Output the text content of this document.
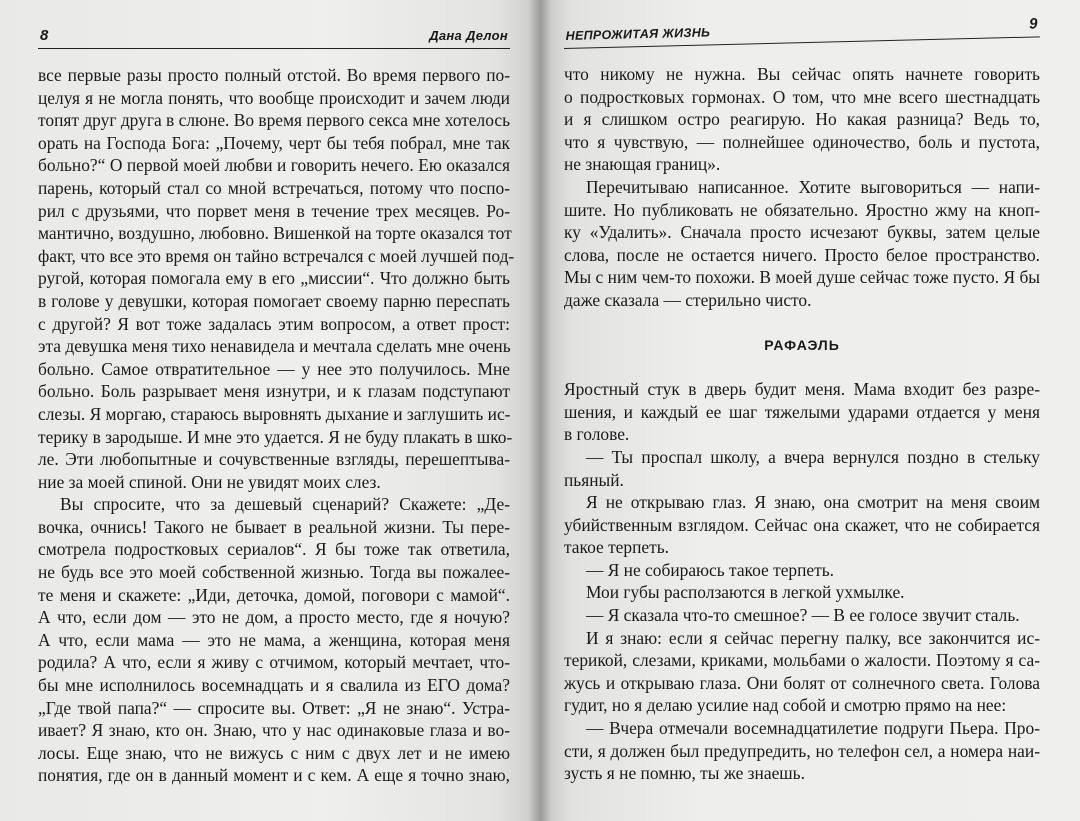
8	Дана Делон
все первые разы просто полный отстой. Во время первого по-
целуя я не могла понять, что вообще происходит и зачем люди
топят друг друга в слюне. Во время первого секса мне хотелось
орать на Господа Бога: „Почему, черт бы тебя побрал, мне так
больно?“ О первой моей любви и говорить нечего. Ею оказался
парень, который стал со мной встречаться, потому что поспо-
рил с друзьями, что порвет меня в течение трех месяцев. Ро-
мантично, воздушно, любовно. Вишенкой на торте оказался тот
факт, что все это время он тайно встречался с моей лучшей под-
ругой, которая помогала ему в его „миссии“. Что должно быть
в голове у девушки, которая помогает своему парню переспать
с другой? Я вот тоже задалась этим вопросом, а ответ прост:
эта девушка меня тихо ненавидела и мечтала сделать мне очень
больно. Самое отвратительное — у нее это получилось. Мне
больно. Боль разрывает меня изнутри, и к глазам подступают
слезы. Я моргаю, стараюсь выровнять дыхание и заглушить ис-
терику в зародыше. И мне это удается. Я не буду плакать в шко-
ле. Эти любопытные и сочувственные взгляды, перешептыва-
ние за моей спиной. Они не увидят моих слез.
Вы спросите, что за дешевый сценарий? Скажете: „Де-
вочка, очнись! Такого не бывает в реальной жизни. Ты пере-
смотрела подростковых сериалов“. Я бы тоже так ответила,
не будь все это моей собственной жизнью. Тогда вы пожалее-
те меня и скажете: „Иди, деточка, домой, поговори с мамой“.
А что, если дом — это не дом, а просто место, где я ночую?
А что, если мама — это не мама, а женщина, которая меня
родила? А что, если я живу с отчимом, который мечтает, что-
бы мне исполнилось восемнадцать и я свалила из ЕГО дома?
„Где твой папа?“ — спросите вы. Ответ: „Я не знаю“. Устра-
ивает? Я знаю, кто он. Знаю, что у нас одинаковые глаза и во-
лосы. Еще знаю, что не вижусь с ним с двух лет и не имею
понятия, где он в данный момент и с кем. А еще я точно знаю,
НЕПРОЖИТАЯ ЖИЗНЬ
9
что никому не нужна. Вы сейчас опять начнете говорить
о подростковых гормонах. О том, что мне всего шестнадцать
и я слишком остро реагирую. Но какая разница? Ведь то,
что я чувствую, — полнейшее одиночество, боль и пустота,
не знающая границ».
Перечитываю написанное. Хотите выговориться — напи-
шите. Но публиковать не обязательно. Яростно жму на кноп-
ку «Удалить». Сначала просто исчезают буквы, затем целые
слова, после не остается ничего. Просто белое пространство.
Мы с ним чем-то похожи. В моей душе сейчас тоже пусто. Я бы
даже сказала — стерильно чисто.
РАФАЭЛЬ
Яростный стук в дверь будит меня. Мама входит без разре-
шения, и каждый ее шаг тяжелыми ударами отдается у меня
в голове.
— Ты проспал школу, а вчера вернулся поздно в стельку
пьяный.
Я не открываю глаз. Я знаю, она смотрит на меня своим
убийственным взглядом. Сейчас она скажет, что не собирается
такое терпеть.
— Я не собираюсь такое терпеть.
Мои губы расползаются в легкой ухмылке.
— Я сказала что-то смешное? — В ее голосе звучит сталь.
И я знаю: если я сейчас перегну палку, все закончится ис-
терикой, слезами, криками, мольбами о жалости. Поэтому я са-
жусь и открываю глаза. Они болят от солнечного света. Голова
гудит, но я делаю усилие над собой и смотрю прямо на нее:
— Вчера отмечали восемнадцатилетие подруги Пьера. Про-
сти, я должен был предупредить, но телефон сел, а номера наи-
зусть я не помню, ты же знаешь.
